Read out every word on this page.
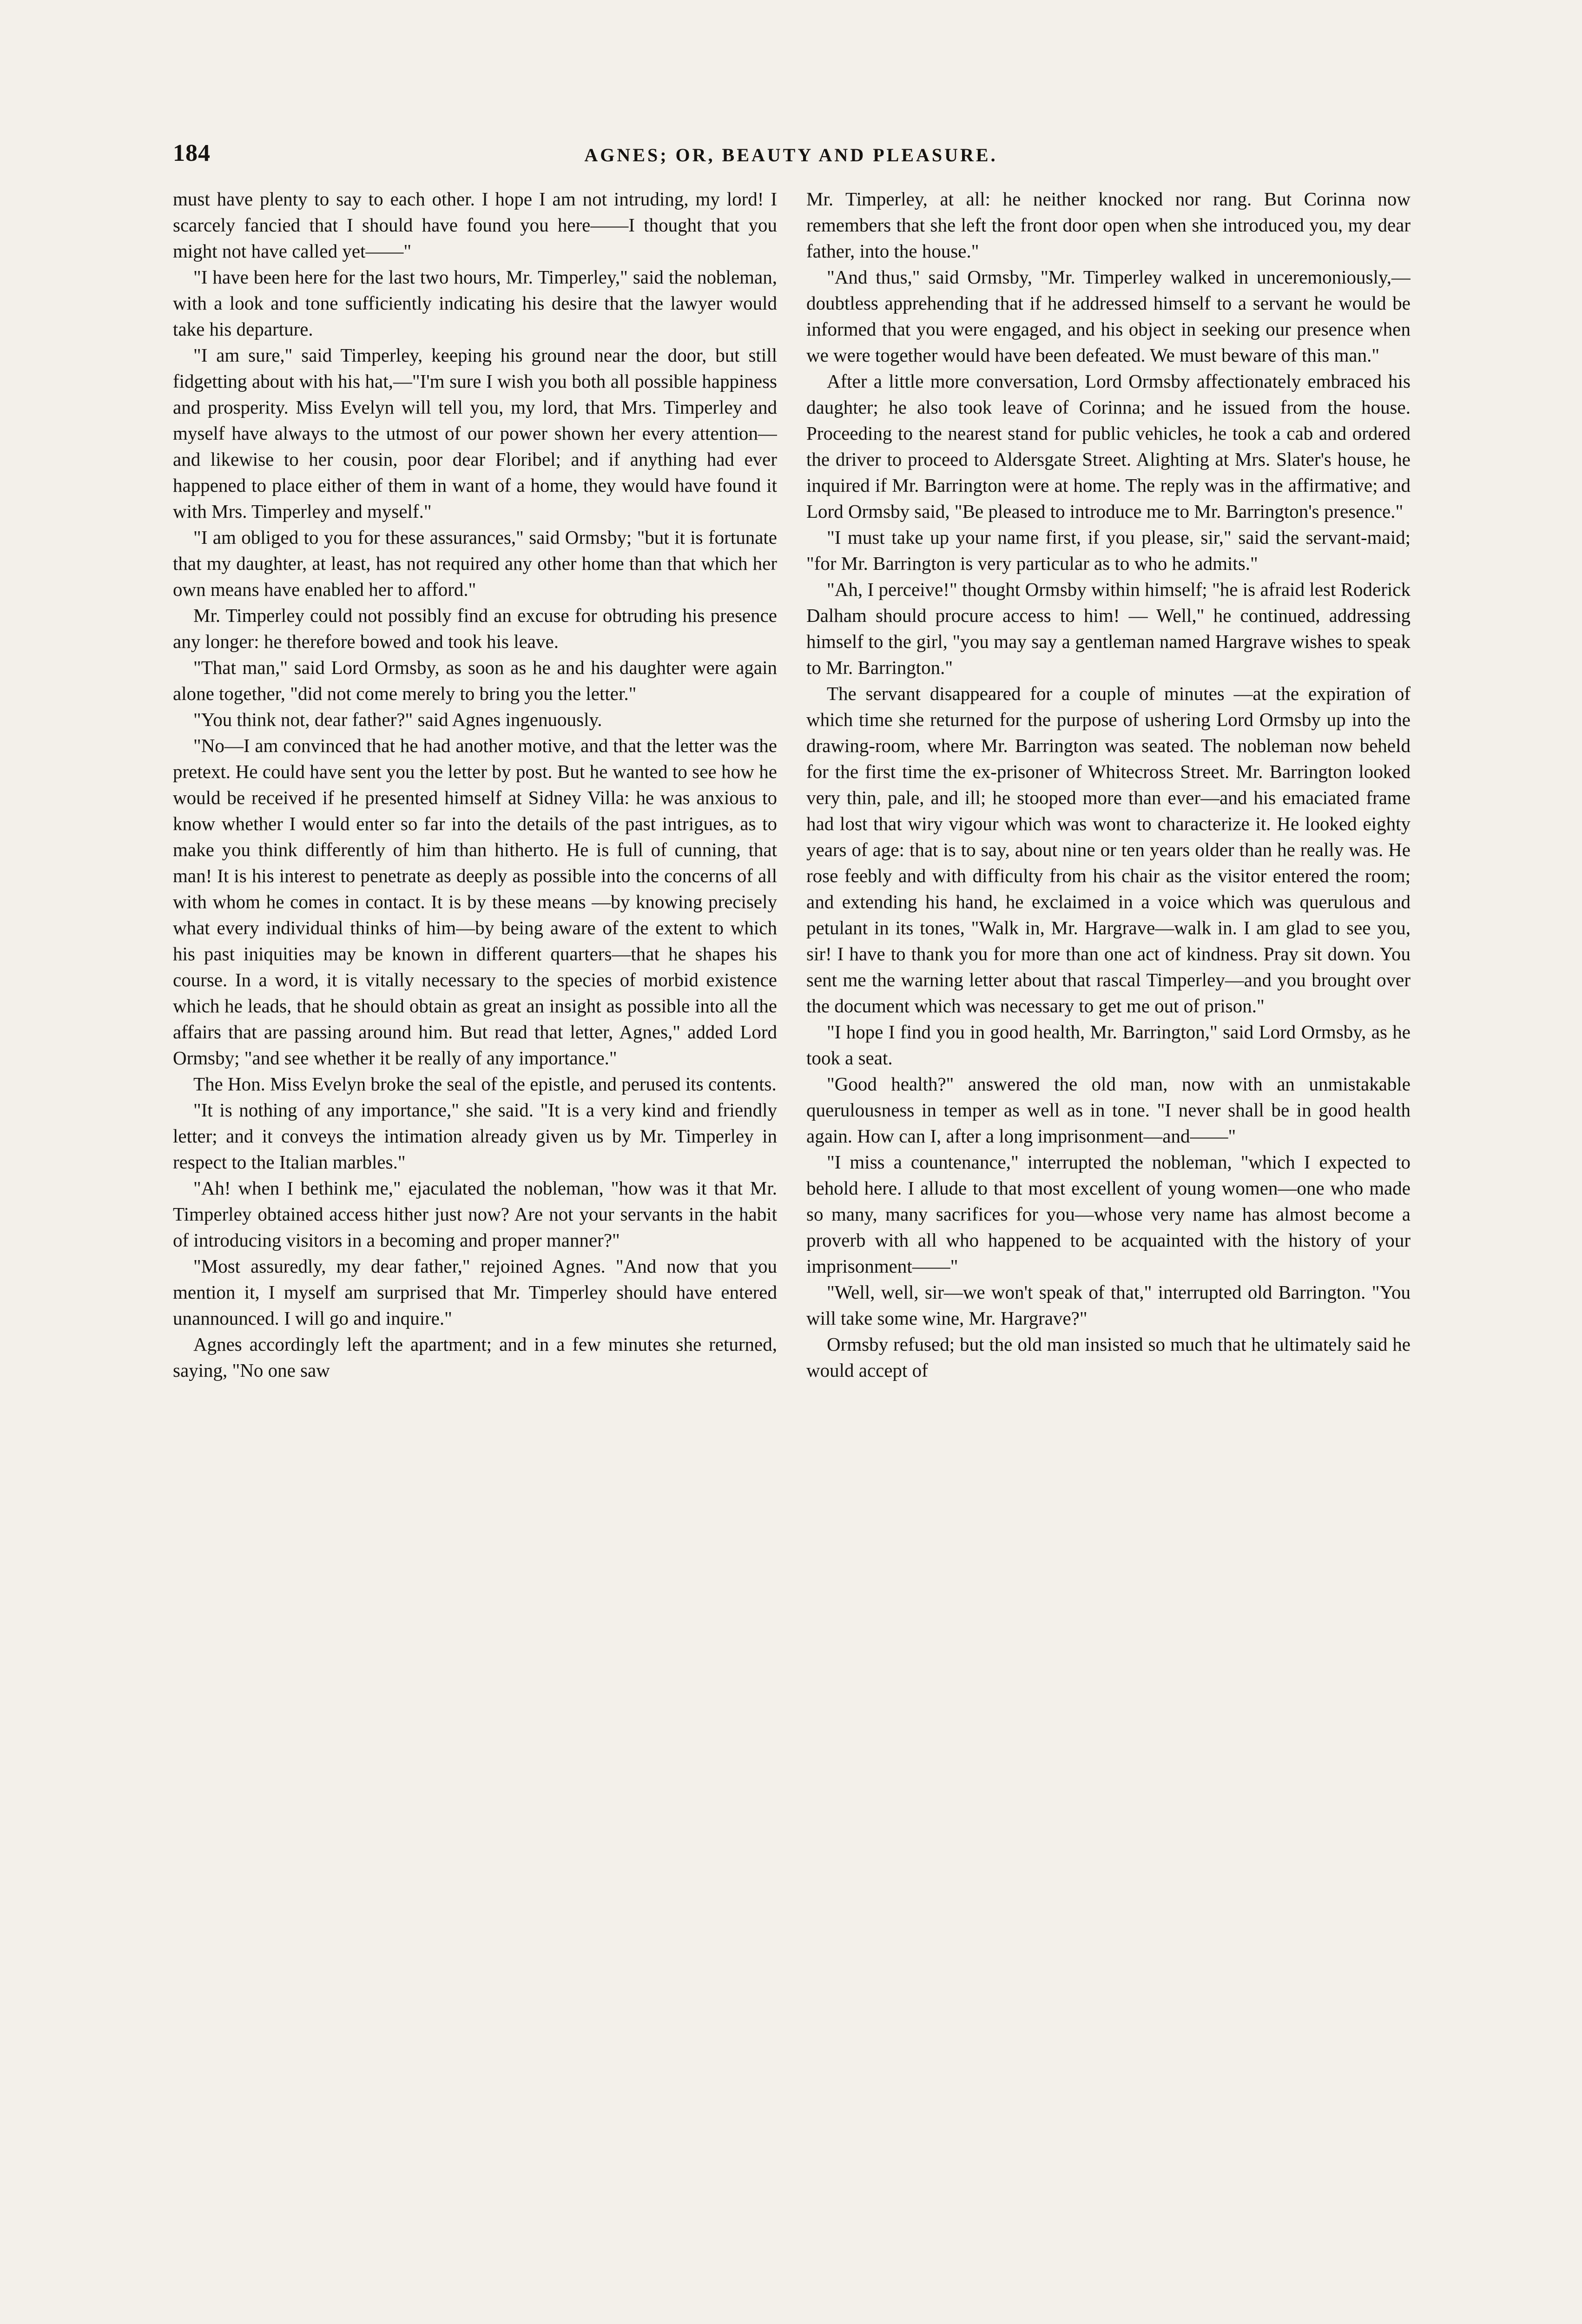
184	AGNES; OR, BEAUTY AND PLEASURE.

must have plenty to say to each other. I hope I am not intruding, my lord! I scarcely fancied that I should have found you here——I thought that you might not have called yet——"

"I have been here for the last two hours, Mr. Timperley," said the nobleman, with a look and tone sufficiently indicating his desire that the lawyer would take his departure.

"I am sure," said Timperley, keeping his ground near the door, but still fidgetting about with his hat,—"I'm sure I wish you both all possible happiness and prosperity. Miss Evelyn will tell you, my lord, that Mrs. Timperley and myself have always to the utmost of our power shown her every attention—and likewise to her cousin, poor dear Floribel; and if anything had ever happened to place either of them in want of a home, they would have found it with Mrs. Timperley and myself."

"I am obliged to you for these assurances," said Ormsby; "but it is fortunate that my daughter, at least, has not required any other home than that which her own means have enabled her to afford."

Mr. Timperley could not possibly find an excuse for obtruding his presence any longer: he therefore bowed and took his leave.

"That man," said Lord Ormsby, as soon as he and his daughter were again alone together, "did not come merely to bring you the letter."

"You think not, dear father?" said Agnes ingenuously.

"No—I am convinced that he had another motive, and that the letter was the pretext. He could have sent you the letter by post. But he wanted to see how he would be received if he presented himself at Sidney Villa: he was anxious to know whether I would enter so far into the details of the past intrigues, as to make you think differently of him than hitherto. He is full of cunning, that man! It is his interest to penetrate as deeply as possible into the concerns of all with whom he comes in contact. It is by these means —by knowing precisely what every individual thinks of him—by being aware of the extent to which his past iniquities may be known in different quarters—that he shapes his course. In a word, it is vitally necessary to the species of morbid existence which he leads, that he should obtain as great an insight as possible into all the affairs that are passing around him. But read that letter, Agnes," added Lord Ormsby; "and see whether it be really of any importance."

The Hon. Miss Evelyn broke the seal of the epistle, and perused its contents.

"It is nothing of any importance," she said. "It is a very kind and friendly letter; and it conveys the intimation already given us by Mr. Timperley in respect to the Italian marbles."

"Ah! when I bethink me," ejaculated the nobleman, "how was it that Mr. Timperley obtained access hither just now? Are not your servants in the habit of introducing visitors in a becoming and proper manner?"

"Most assuredly, my dear father," rejoined Agnes. "And now that you mention it, I myself am surprised that Mr. Timperley should have entered unannounced. I will go and inquire."

Agnes accordingly left the apartment; and in a few minutes she returned, saying, "No one saw

Mr. Timperley, at all: he neither knocked nor rang. But Corinna now remembers that she left the front door open when she introduced you, my dear father, into the house."

"And thus," said Ormsby, "Mr. Timperley walked in unceremoniously,—doubtless apprehending that if he addressed himself to a servant he would be informed that you were engaged, and his object in seeking our presence when we were together would have been defeated. We must beware of this man."

After a little more conversation, Lord Ormsby affectionately embraced his daughter; he also took leave of Corinna; and he issued from the house. Proceeding to the nearest stand for public vehicles, he took a cab and ordered the driver to proceed to Aldersgate Street. Alighting at Mrs. Slater's house, he inquired if Mr. Barrington were at home. The reply was in the affirmative; and Lord Ormsby said, "Be pleased to introduce me to Mr. Barrington's presence."

"I must take up your name first, if you please, sir," said the servant-maid; "for Mr. Barrington is very particular as to who he admits."

"Ah, I perceive!" thought Ormsby within himself; "he is afraid lest Roderick Dalham should procure access to him! — Well," he continued, addressing himself to the girl, "you may say a gentleman named Hargrave wishes to speak to Mr. Barrington."

The servant disappeared for a couple of minutes —at the expiration of which time she returned for the purpose of ushering Lord Ormsby up into the drawing-room, where Mr. Barrington was seated. The nobleman now beheld for the first time the ex-prisoner of Whitecross Street. Mr. Barrington looked very thin, pale, and ill; he stooped more than ever—and his emaciated frame had lost that wiry vigour which was wont to characterize it. He looked eighty years of age: that is to say, about nine or ten years older than he really was. He rose feebly and with difficulty from his chair as the visitor entered the room; and extending his hand, he exclaimed in a voice which was querulous and petulant in its tones, "Walk in, Mr. Hargrave—walk in. I am glad to see you, sir! I have to thank you for more than one act of kindness. Pray sit down. You sent me the warning letter about that rascal Timperley—and you brought over the document which was necessary to get me out of prison."

"I hope I find you in good health, Mr. Barrington," said Lord Ormsby, as he took a seat.

"Good health?" answered the old man, now with an unmistakable querulousness in temper as well as in tone. "I never shall be in good health again. How can I, after a long imprisonment—and——"

"I miss a countenance," interrupted the nobleman, "which I expected to behold here. I allude to that most excellent of young women—one who made so many, many sacrifices for you—whose very name has almost become a proverb with all who happened to be acquainted with the history of your imprisonment——"

"Well, well, sir—we won't speak of that," interrupted old Barrington. "You will take some wine, Mr. Hargrave?"

Ormsby refused; but the old man insisted so much that he ultimately said he would accept of
